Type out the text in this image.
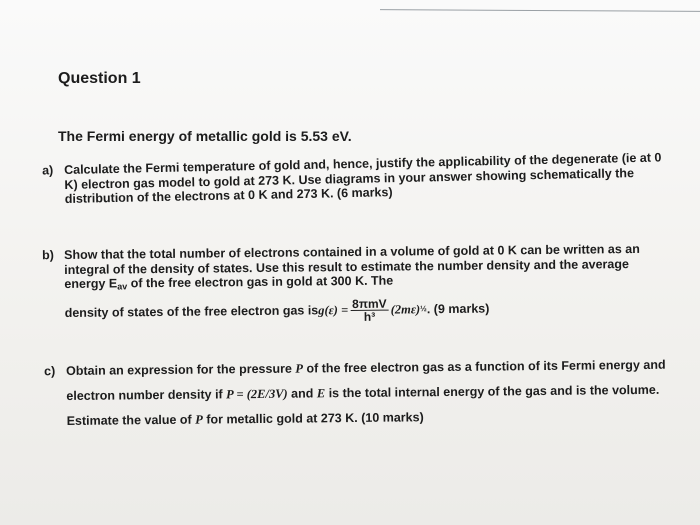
Question 1

The Fermi energy of metallic gold is 5.53 eV.

a) Calculate the Fermi temperature of gold and, hence, justify the applicability of the degenerate (ie at 0 K) electron gas model to gold at 273 K. Use diagrams in your answer showing schematically the distribution of the electrons at 0 K and 273 K. (6 marks)
b) Show that the total number of electrons contained in a volume of gold at 0 K can be written as an integral of the density of states. Use this result to estimate the number density and the average energy $E_{av}$ of the free electron gas in gold at 300 K. The
density of states of the free electron gas is $g(\varepsilon) = \frac{\text{8πmV}}{\text{h³}} (2m\varepsilon)$ ½ . (9 marks)
c) Obtain an expression for the pressure P of the free electron gas as a function of its Fermi energy and electron number density if P = (2E/3V) and E is the total internal energy of the gas and is the volume. Estimate the value of P for metallic gold at 273 K. (10 marks)
